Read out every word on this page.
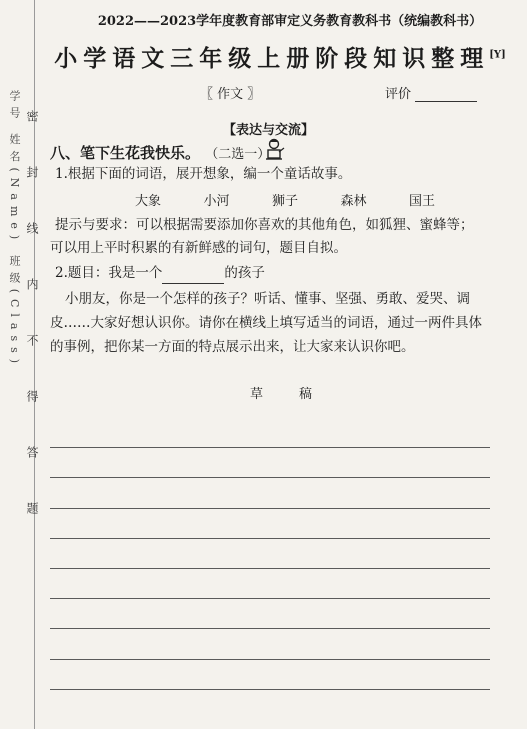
学号 姓名(Name) 班级(Class) 密封线内不得答题
2022——2023学年度教育部审定义务教育教科书（统编教科书）
小学语文三年级上册阶段知识整理[Y]
〖 作文 〗	评价
【表达与交流】
八、笔下生花我快乐。 （二选一）
1.根据下面的词语，展开想象，编一个童话故事。
大象	小河	狮子	森林	国王
提示与要求：可以根据需要添加你喜欢的其他角色，如狐狸、蜜蜂等；
可以用上平时积累的有新鲜感的词句，题目自拟。
2.题目：我是一个	的孩子
小朋友，你是一个怎样的孩子？听话、懂事、坚强、勇敢、爱哭、调
皮……大家好想认识你。请你在横线上填写适当的词语，通过一两件具体
的事例，把你某一方面的特点展示出来，让大家来认识你吧。
草稿
